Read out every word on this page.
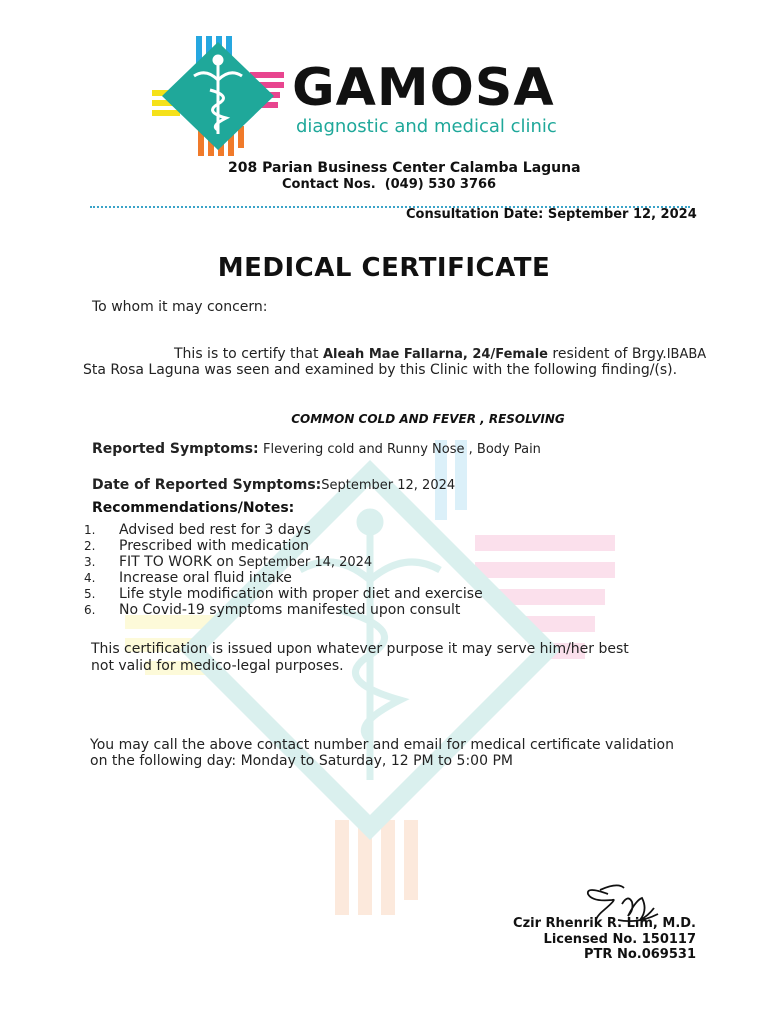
GAMOSA
diagnostic and medical clinic
208 Parian Business Center Calamba Laguna
Contact Nos.  (049) 530 3766
Consultation Date: September 12, 2024
MEDICAL CERTIFICATE
To whom it may concern:
This is to certify that Aleah Mae Fallarna, 24/Female resident of Brgy.IBABA
Sta Rosa Laguna was seen and examined by this Clinic with the following finding/(s).
COMMON COLD AND FEVER , RESOLVING
Reported Symptoms: Flevering cold and Runny Nose , Body Pain
Date of Reported Symptoms:September 12, 2024
Recommendations/Notes:
1. Advised bed rest for 3 days
2. Prescribed with medication
3. FIT TO WORK on September 14, 2024
4. Increase oral fluid intake
5. Life style modification with proper diet and exercise
6. No Covid-19 symptoms manifested upon consult
This certification is issued upon whatever purpose it may serve him/her best
not valid for medico-legal purposes.
You may call the above contact number and email for medical certificate validation
on the following day: Monday to Saturday, 12 PM to 5:00 PM
Czir Rhenrik R. Lim, M.D.
Licensed No. 150117
PTR No.069531
